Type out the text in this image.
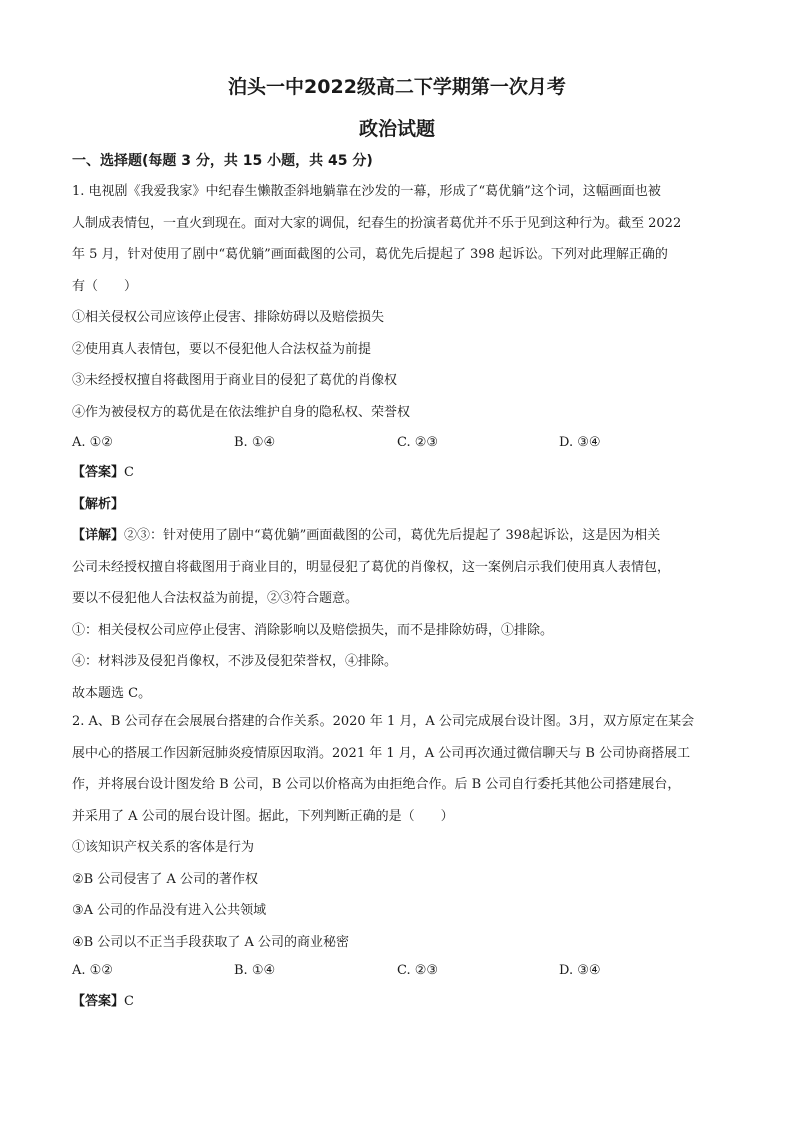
泊头一中2022级高二下学期第一次月考
政治试题
一、选择题(每题 3 分，共 15 小题，共 45 分)
1. 电视剧《我爱我家》中纪春生懒散歪斜地躺靠在沙发的一幕，形成了“葛优躺”这个词，这幅画面也被
人制成表情包，一直火到现在。面对大家的调侃，纪春生的扮演者葛优并不乐于见到这种行为。截至 2022
年 5 月，针对使用了剧中“葛优躺”画面截图的公司，葛优先后提起了 398 起诉讼。下列对此理解正确的
有（　　）
①相关侵权公司应该停止侵害、排除妨碍以及赔偿损失
②使用真人表情包，要以不侵犯他人合法权益为前提
③未经授权擅自将截图用于商业目的侵犯了葛优的肖像权
④作为被侵权方的葛优是在依法维护自身的隐私权、荣誉权
A. ①②	B. ①④	C. ②③	D. ③④
【答案】C
【解析】
【详解】②③：针对使用了剧中“葛优躺”画面截图的公司，葛优先后提起了 398起诉讼，这是因为相关
公司未经授权擅自将截图用于商业目的，明显侵犯了葛优的肖像权，这一案例启示我们使用真人表情包，
要以不侵犯他人合法权益为前提，②③符合题意。
①：相关侵权公司应停止侵害、消除影响以及赔偿损失，而不是排除妨碍，①排除。
④：材料涉及侵犯肖像权，不涉及侵犯荣誉权，④排除。
故本题选 C。
2. A、B 公司存在会展展台搭建的合作关系。2020 年 1 月，A 公司完成展台设计图。3月，双方原定在某会
展中心的搭展工作因新冠肺炎疫情原因取消。2021 年 1 月，A 公司再次通过微信聊天与 B 公司协商搭展工
作，并将展台设计图发给 B 公司，B 公司以价格高为由拒绝合作。后 B 公司自行委托其他公司搭建展台，
并采用了 A 公司的展台设计图。据此，下列判断正确的是（　　）
①该知识产权关系的客体是行为
②B 公司侵害了 A 公司的著作权
③A 公司的作品没有进入公共领域
④B 公司以不正当手段获取了 A 公司的商业秘密
A. ①②	B. ①④	C. ②③	D. ③④
【答案】C
